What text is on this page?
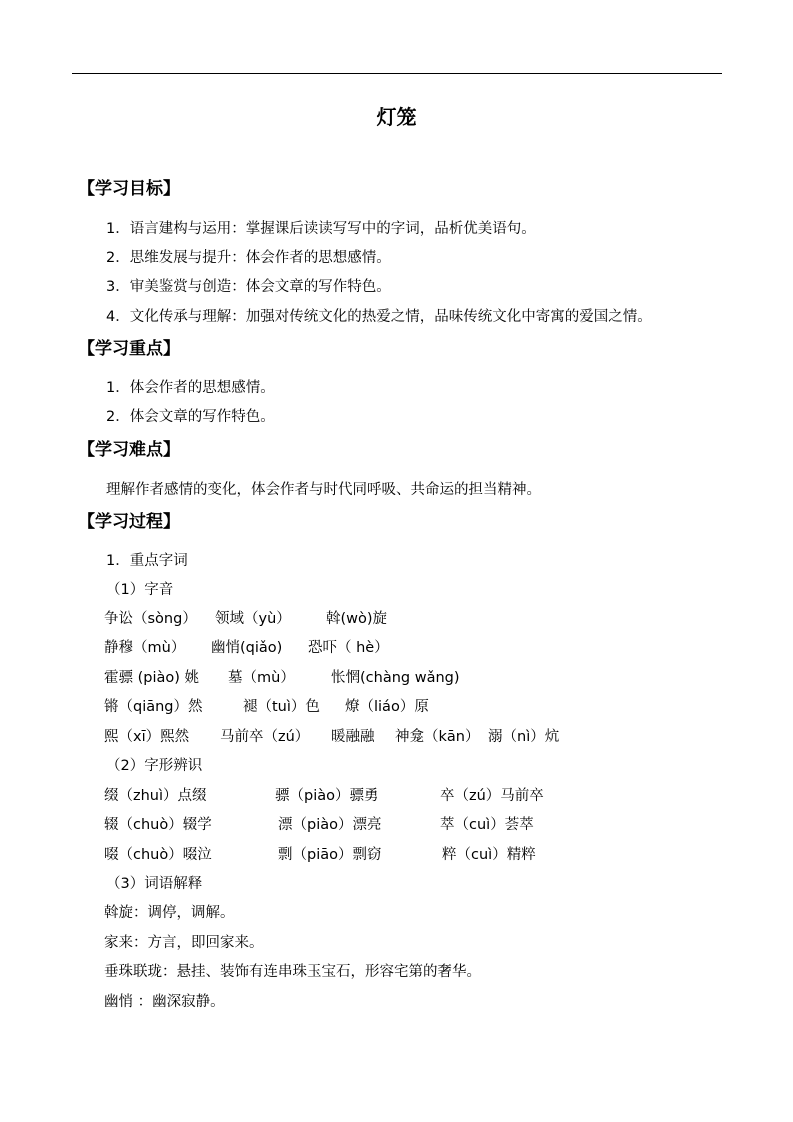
灯笼
【学习目标】
1．语言建构与运用：掌握课后读读写写中的字词，品析优美语句。
2．思维发展与提升：体会作者的思想感情。
3．审美鉴赏与创造：体会文章的写作特色。
4．文化传承与理解：加强对传统文化的热爱之情，品味传统文化中寄寓的爱国之情。
【学习重点】
1．体会作者的思想感情。
2．体会文章的写作特色。
【学习难点】
理解作者感情的变化，体会作者与时代同呼吸、共命运的担当精神。
【学习过程】
1．重点字词
（1）字音
争讼（sòng） 领域（yù） 斡(wò)旋
静穆（mù） 幽悄(qiǎo) 恐吓（ hè）
霍骠 (piào) 姚 墓（mù） 怅惘(chàng wǎng)
锵（qiāng）然	褪（tuì）色 燎（liáo）原
熙（xī）熙然 马前卒（zú） 暖融融 神龛（kān） 溺（nì）炕
（2）字形辨识
缀（zhuì）点缀	骠（piào）骠勇	卒（zú）马前卒
辍（chuò）辍学	漂（piào）漂亮	萃（cuì）荟萃
啜（chuò）啜泣	剽（piāo）剽窃	粹（cuì）精粹
（3）词语解释
斡旋：调停，调解。
家来：方言，即回家来。
垂珠联珑：悬挂、装饰有连串珠玉宝石，形容宅第的奢华。
幽悄 ：幽深寂静。
